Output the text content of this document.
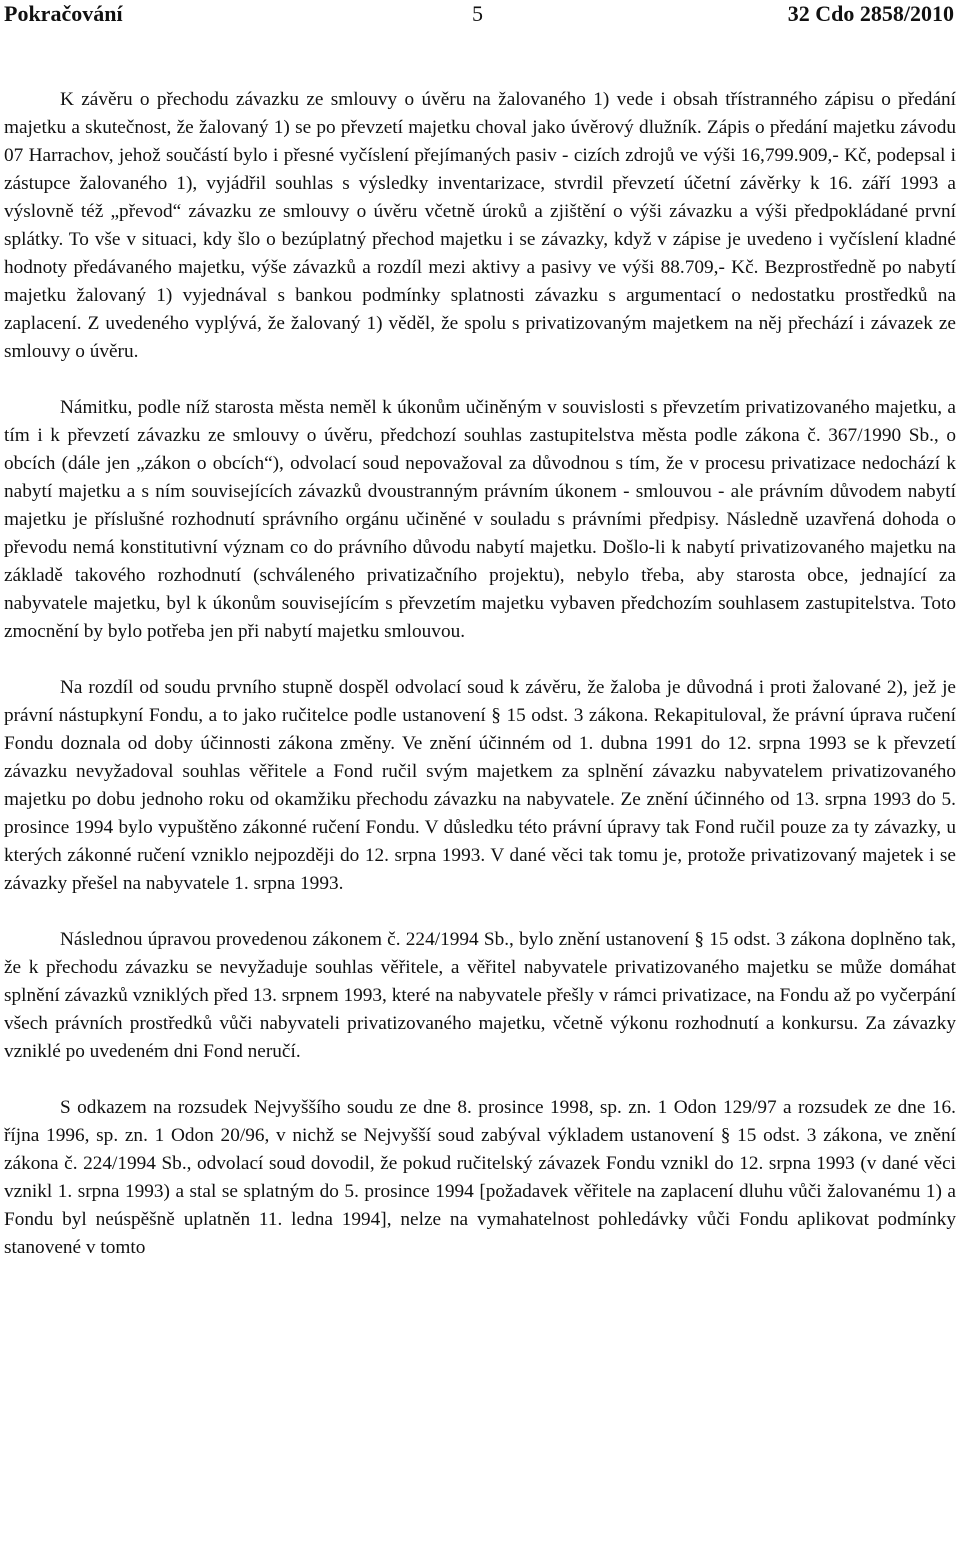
Pokračování	5	32 Cdo 2858/2010

K závěru o přechodu závazku ze smlouvy o úvěru na žalovaného 1) vede i obsah třístranného zápisu o předání majetku a skutečnost, že žalovaný 1) se po převzetí majetku choval jako úvěrový dlužník. Zápis o předání majetku závodu 07 Harrachov, jehož součástí bylo i přesné vyčíslení přejímaných pasiv - cizích zdrojů ve výši 16,799.909,- Kč, podepsal i zástupce žalovaného 1), vyjádřil souhlas s výsledky inventarizace, stvrdil převzetí účetní závěrky k 16. září 1993 a výslovně též „převod“ závazku ze smlouvy o úvěru včetně úroků a zjištění o výši závazku a výši předpokládané první splátky. To vše v situaci, kdy šlo o bezúplatný přechod majetku i se závazky, když v zápise je uvedeno i vyčíslení kladné hodnoty předávaného majetku, výše závazků a rozdíl mezi aktivy a pasivy ve výši 88.709,- Kč. Bezprostředně po nabytí majetku žalovaný 1) vyjednával s bankou podmínky splatnosti závazku s argumentací o nedostatku prostředků na zaplacení. Z uvedeného vyplývá, že žalovaný 1) věděl, že spolu s privatizovaným majetkem na něj přechází i závazek ze smlouvy o úvěru.

Námitku, podle níž starosta města neměl k úkonům učiněným v souvislosti s převzetím privatizovaného majetku, a tím i k převzetí závazku ze smlouvy o úvěru, předchozí souhlas zastupitelstva města podle zákona č. 367/1990 Sb., o obcích (dále jen „zákon o obcích“), odvolací soud nepovažoval za důvodnou s tím, že v procesu privatizace nedochází k nabytí majetku a s ním souvisejících závazků dvoustranným právním úkonem - smlouvou - ale právním důvodem nabytí majetku je příslušné rozhodnutí správního orgánu učiněné v souladu s právními předpisy. Následně uzavřená dohoda o převodu nemá konstitutivní význam co do právního důvodu nabytí majetku. Došlo-li k nabytí privatizovaného majetku na základě takového rozhodnutí (schváleného privatizačního projektu), nebylo třeba, aby starosta obce, jednající za nabyvatele majetku, byl k úkonům souvisejícím s převzetím majetku vybaven předchozím souhlasem zastupitelstva. Toto zmocnění by bylo potřeba jen při nabytí majetku smlouvou.

Na rozdíl od soudu prvního stupně dospěl odvolací soud k závěru, že žaloba je důvodná i proti žalované 2), jež je právní nástupkyní Fondu, a to jako ručitelce podle ustanovení § 15 odst. 3 zákona. Rekapituloval, že právní úprava ručení Fondu doznala od doby účinnosti zákona změny. Ve znění účinném od 1. dubna 1991 do 12. srpna 1993 se k převzetí závazku nevyžadoval souhlas věřitele a Fond ručil svým majetkem za splnění závazku nabyvatelem privatizovaného majetku po dobu jednoho roku od okamžiku přechodu závazku na nabyvatele. Ze znění účinného od 13. srpna 1993 do 5. prosince 1994 bylo vypuštěno zákonné ručení Fondu. V důsledku této právní úpravy tak Fond ručil pouze za ty závazky, u kterých zákonné ručení vzniklo nejpozději do 12. srpna 1993. V dané věci tak tomu je, protože privatizovaný majetek i se závazky přešel na nabyvatele 1. srpna 1993.

Následnou úpravou provedenou zákonem č. 224/1994 Sb., bylo znění ustanovení § 15 odst. 3 zákona doplněno tak, že k přechodu závazku se nevyžaduje souhlas věřitele, a věřitel nabyvatele privatizovaného majetku se může domáhat splnění závazků vzniklých před 13. srpnem 1993, které na nabyvatele přešly v rámci privatizace, na Fondu až po vyčerpání všech právních prostředků vůči nabyvateli privatizovaného majetku, včetně výkonu rozhodnutí a konkursu. Za závazky vzniklé po uvedeném dni Fond neručí.

S odkazem na rozsudek Nejvyššího soudu ze dne 8. prosince 1998, sp. zn. 1 Odon 129/97 a rozsudek ze dne 16. října 1996, sp. zn. 1 Odon 20/96, v nichž se Nejvyšší soud zabýval výkladem ustanovení § 15 odst. 3 zákona, ve znění zákona č. 224/1994 Sb., odvolací soud dovodil, že pokud ručitelský závazek Fondu vznikl do 12. srpna 1993 (v dané věci vznikl 1. srpna 1993) a stal se splatným do 5. prosince 1994 [požadavek věřitele na zaplacení dluhu vůči žalovanému 1) a Fondu byl neúspěšně uplatněn 11. ledna 1994], nelze na vymahatelnost pohledávky vůči Fondu aplikovat podmínky stanovené v tomto
